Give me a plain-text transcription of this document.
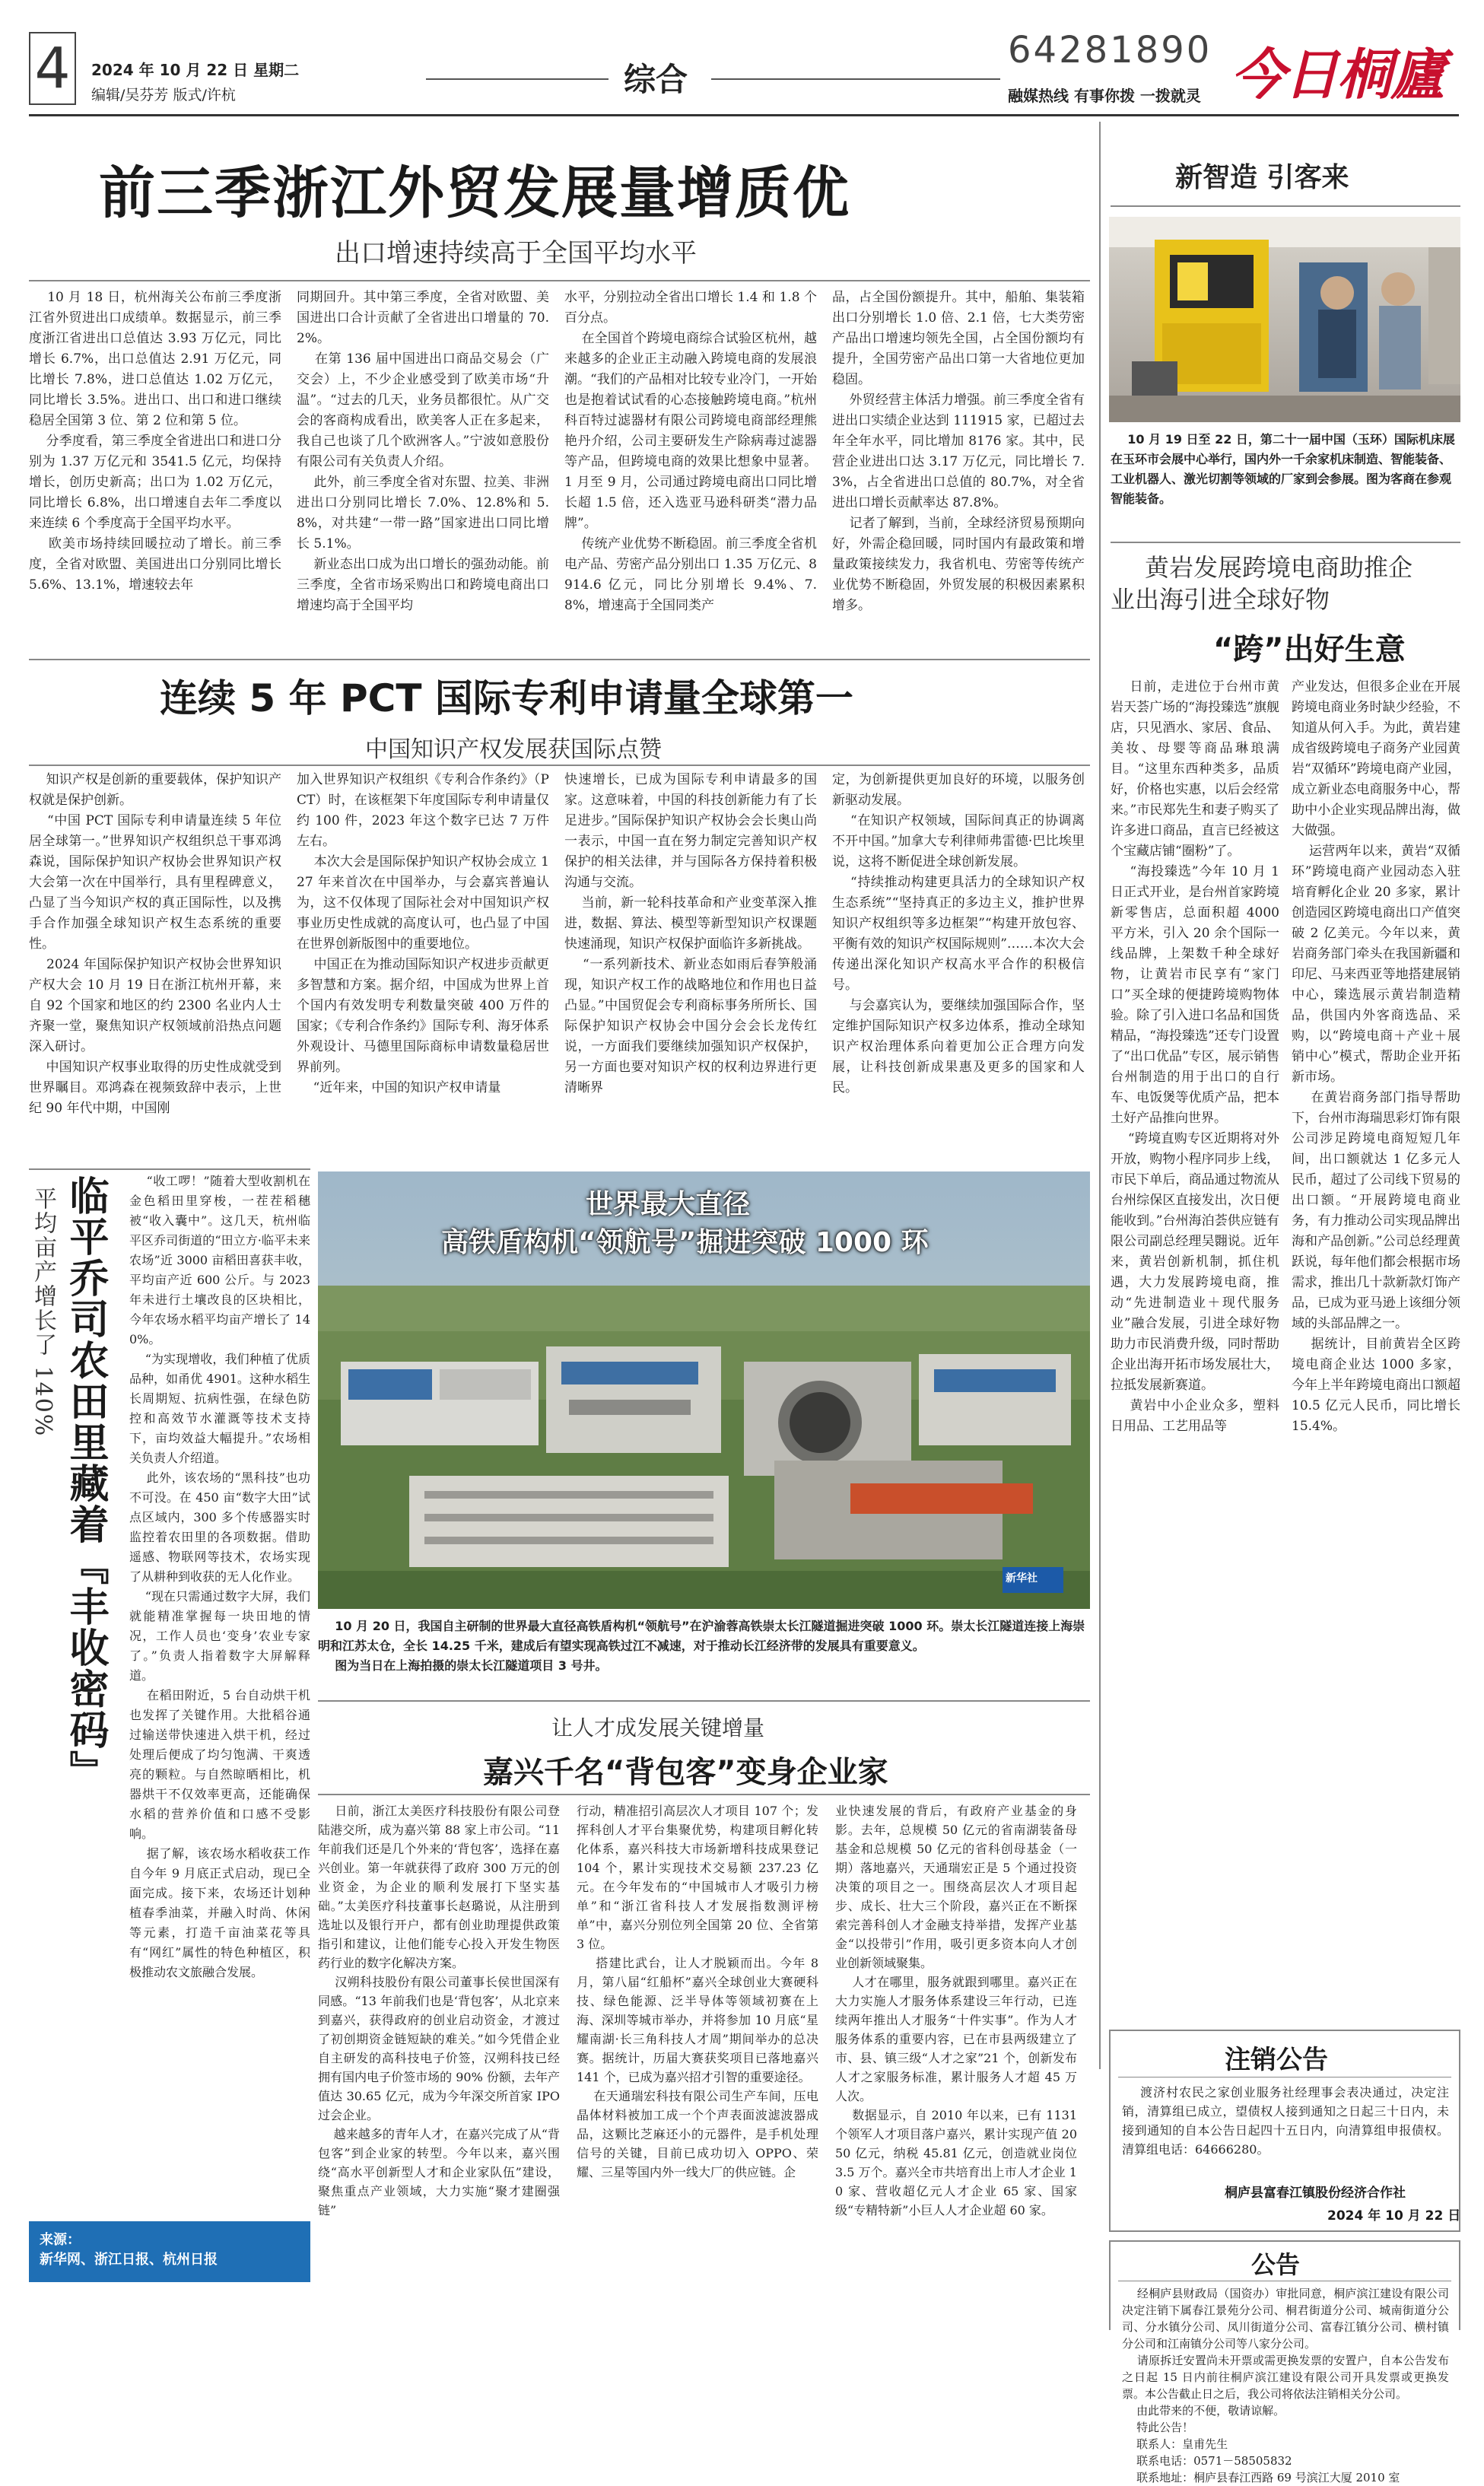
4	2024 年 10 月 22 日 星期二
编辑/吴芬芳 版式/许杭	综合
64281890
融媒热线 有事你拨 一拨就灵 今日桐廬
前三季浙江外贸发展量增质优
出口增速持续高于全国平均水平
10 月 18 日，杭州海关公布前三季度浙江省外贸进出口成绩单。数据显示，前三季度浙江省进出口总值达 3.93 万亿元，同比增长 6.7%，出口总值达 2.91 万亿元，同比增长 7.8%，进口总值达 1.02 万亿元，同比增长 3.5%。进出口、出口和进口继续稳居全国第 3 位、第 2 位和第 5 位。
分季度看，第三季度全省进出口和进口分别为 1.37 万亿元和 3541.5 亿元，均保持增长，创历史新高；出口为 1.02 万亿元，同比增长 6.8%，出口增速自去年二季度以来连续 6 个季度高于全国平均水平。
欧美市场持续回暖拉动了增长。前三季度，全省对欧盟、美国进出口分别同比增长 5.6%、13.1%，增速较去年
同期回升。其中第三季度，全省对欧盟、美国进出口合计贡献了全省进出口增量的 70.2%。
在第 136 届中国进出口商品交易会（广交会）上，不少企业感受到了欧美市场“升温”。“过去的几天，业务员都很忙。从广交会的客商构成看出，欧美客人正在多起来，我自己也谈了几个欧洲客人。”宁波如意股份有限公司有关负责人介绍。
此外，前三季度全省对东盟、拉美、非洲进出口分别同比增长 7.0%、12.8%和 5.8%，对共建“一带一路”国家进出口同比增长 5.1%。
新业态出口成为出口增长的强劲动能。前三季度，全省市场采购出口和跨境电商出口增速均高于全国平均
水平，分别拉动全省出口增长 1.4 和 1.8 个百分点。
在全国首个跨境电商综合试验区杭州，越来越多的企业正主动融入跨境电商的发展浪潮。“我们的产品相对比较专业冷门，一开始也是抱着试试看的心态接触跨境电商。”杭州科百特过滤器材有限公司跨境电商部经理熊艳丹介绍，公司主要研发生产除病毒过滤器等产品，但跨境电商的效果比想象中显著。1 月至 9 月，公司通过跨境电商出口同比增长超 1.5 倍，还入选亚马逊科研类“潜力品牌”。
传统产业优势不断稳固。前三季度全省机电产品、劳密产品分别出口 1.35 万亿元、8914.6 亿元，同比分别增长 9.4%、7.8%，增速高于全国同类产
品，占全国份额提升。其中，船舶、集装箱出口分别增长 1.0 倍、2.1 倍，七大类劳密产品出口增速均领先全国，占全国份额均有提升，全国劳密产品出口第一大省地位更加稳固。
外贸经营主体活力增强。前三季度全省有进出口实绩企业达到 111915 家，已超过去年全年水平，同比增加 8176 家。其中，民营企业进出口达 3.17 万亿元，同比增长 7.3%，占全省进出口总值的 80.7%，对全省进出口增长贡献率达 87.8%。
记者了解到，当前，全球经济贸易预期向好，外需企稳回暖，同时国内有最政策和增量政策接续发力，我省机电、劳密等传统产业优势不断稳固，外贸发展的积极因素累积增多。
新智造 引客来
10 月 19 日至 22 日，第二十一届中国（玉环）国际机床展在玉环市会展中心举行，国内外一千余家机床制造、智能装备、工业机器人、激光切割等领域的厂家到会参展。图为客商在参观智能装备。
黄岩发展跨境电商助推企
业出海引进全球好物
“跨”出好生意
日前，走进位于台州市黄岩天荟广场的“海投臻选”旗舰店，只见酒水、家居、食品、美妆、母婴等商品琳琅满目。“这里东西种类多，品质好，价格也实惠，以后会经常来。”市民郑先生和妻子购买了许多进口商品，直言已经被这个宝藏店铺“圈粉”了。
“海投臻选”今年 10 月 1 日正式开业，是台州首家跨境新零售店，总面积超 4000 平方米，引入 20 余个国际一线品牌，上架数千种全球好物，让黄岩市民享有“家门口”买全球的便捷跨境购物体验。除了引入进口名品和国货精品，“海投臻选”还专门设置了“出口优品”专区，展示销售台州制造的用于出口的自行车、电饭煲等优质产品，把本土好产品推向世界。
“跨境直购专区近期将对外开放，购物小程序同步上线，市民下单后，商品通过物流从台州综保区直接发出，次日便能收到。”台州海泊荟供应链有限公司副总经理吴翾说。近年来，黄岩创新机制，抓住机遇，大力发展跨境电商，推动“先进制造业＋现代服务业”融合发展，引进全球好物助力市民消费升级，同时帮助企业出海开拓市场发展壮大，拉抵发展新赛道。
黄岩中小企业众多，塑料日用品、工艺用品等
产业发达，但很多企业在开展跨境电商业务时缺少经验，不知道从何入手。为此，黄岩建成省级跨境电子商务产业园黄岩“双循环”跨境电商产业园，成立新业态电商服务中心，帮助中小企业实现品牌出海，做大做强。
运营两年以来，黄岩“双循环”跨境电商产业园动态入驻培育孵化企业 20 多家，累计创造园区跨境电商出口产值突破 2 亿美元。今年以来，黄岩商务部门牵头在我国新疆和印尼、马来西亚等地搭建展销中心，臻选展示黄岩制造精品，供国内外客商选品、采购，以“跨境电商＋产业＋展销中心”模式，帮助企业开拓新市场。
在黄岩商务部门指导帮助下，台州市海瑞思彩灯饰有限公司涉足跨境电商短短几年间，出口额就达 1 亿多元人民币，超过了公司线下贸易的出口额。“开展跨境电商业务，有力推动公司实现品牌出海和产品创新。”公司总经理黄跃说，每年他们都会根据市场需求，推出几十款新款灯饰产品，已成为亚马逊上该细分领域的头部品牌之一。
据统计，目前黄岩全区跨境电商企业达 1000 多家，今年上半年跨境电商出口额超 10.5 亿元人民币，同比增长 15.4%。
连续 5 年 PCT 国际专利申请量全球第一
中国知识产权发展获国际点赞
知识产权是创新的重要载体，保护知识产权就是保护创新。
“中国 PCT 国际专利申请量连续 5 年位居全球第一。”世界知识产权组织总干事邓鸿森说，国际保护知识产权协会世界知识产权大会第一次在中国举行，具有里程碑意义，凸显了当今知识产权的真正国际性，以及携手合作加强全球知识产权生态系统的重要性。
2024 年国际保护知识产权协会世界知识产权大会 10 月 19 日在浙江杭州开幕，来自 92 个国家和地区的约 2300 名业内人士齐聚一堂，聚焦知识产权领域前沿热点问题深入研讨。
中国知识产权事业取得的历史性成就受到世界瞩目。邓鸿森在视频致辞中表示，上世纪 90 年代中期，中国刚
加入世界知识产权组织《专利合作条约》（PCT）时，在该框架下年度国际专利申请量仅约 100 件，2023 年这个数字已达 7 万件左右。
本次大会是国际保护知识产权协会成立 127 年来首次在中国举办，与会嘉宾普遍认为，这不仅体现了国际社会对中国知识产权事业历史性成就的高度认可，也凸显了中国在世界创新版图中的重要地位。
中国正在为推动国际知识产权进步贡献更多智慧和方案。据介绍，中国成为世界上首个国内有效发明专利数量突破 400 万件的国家；《专利合作条约》国际专利、海牙体系外观设计、马德里国际商标申请数量稳居世界前列。
“近年来，中国的知识产权申请量
快速增长，已成为国际专利申请最多的国家。这意味着，中国的科技创新能力有了长足进步。”国际保护知识产权协会会长奥山尚一表示，中国一直在努力制定完善知识产权保护的相关法律，并与国际各方保持着积极沟通与交流。
当前，新一轮科技革命和产业变革深入推进，数据、算法、模型等新型知识产权课题快速涌现，知识产权保护面临许多新挑战。
“一系列新技术、新业态如雨后春笋般涌现，知识产权工作的战略地位和作用也日益凸显。”中国贸促会专利商标事务所所长、国际保护知识产权协会中国分会会长龙传红说，一方面我们要继续加强知识产权保护，另一方面也要对知识产权的权利边界进行更清晰界
定，为创新提供更加良好的环境，以服务创新驱动发展。
“在知识产权领域，国际间真正的协调离不开中国。”加拿大专利律师弗雷德·巴比埃里说，这将不断促进全球创新发展。
“持续推动构建更具活力的全球知识产权生态系统”“坚持真正的多边主义，推护世界知识产权组织等多边框架”“构建开放包容、平衡有效的知识产权国际规则”……本次大会传递出深化知识产权高水平合作的积极信号。
与会嘉宾认为，要继续加强国际合作，坚定维护国际知识产权多边体系，推动全球知识产权治理体系向着更加公正合理方向发展，让科技创新成果惠及更多的国家和人民。
平均亩产增长了 140% 临平乔司农田里藏着『丰收密码』	“收工啰！”随着大型收割机在金色稻田里穿梭，一茬茬稻穗被“收入囊中”。这几天，杭州临平区乔司街道的“田立方·临平未来农场”近 3000 亩稻田喜获丰收，平均亩产近 600 公斤。与 2023 年未进行土壤改良的区块相比，今年农场水稻平均亩产增长了 140%。
“为实现增收，我们种植了优质品种，如甬优 4901。这种水稻生长周期短、抗病性强，在绿色防控和高效节水灌溉等技术支持下，亩均效益大幅提升。”农场相关负责人介绍道。
此外，该农场的“黑科技”也功不可没。在 450 亩“数字大田”试点区域内，300 多个传感器实时监控着农田里的各项数据。借助遥感、物联网等技术，农场实现了从耕种到收获的无人化作业。
“现在只需通过数字大屏，我们就能精准掌握每一块田地的情况，工作人员也‘变身’农业专家了。”负责人指着数字大屏解释道。
在稻田附近，5 台自动烘干机也发挥了关键作用。大批稻谷通过输送带快速进入烘干机，经过处理后便成了均匀饱满、干爽透亮的颗粒。与自然晾晒相比，机器烘干不仅效率更高，还能确保水稻的营养价值和口感不受影响。
据了解，该农场水稻收获工作自今年 9 月底正式启动，现已全面完成。接下来，农场还计划种植春季油菜，并融入时尚、休闲等元素，打造千亩油菜花等具有“网红”属性的特色种植区，积极推动农文旅融合发展。
来源：
新华网、浙江日报、杭州日报
世界最大直径
高铁盾构机“领航号”掘进突破 1000 环
新华社
10 月 20 日，我国自主研制的世界最大直径高铁盾构机“领航号”在沪渝蓉高铁崇太长江隧道掘进突破 1000 环。崇太长江隧道连接上海崇明和江苏太仓，全长 14.25 千米，建成后有望实现高铁过江不减速，对于推动长江经济带的发展具有重要意义。
图为当日在上海拍摄的崇太长江隧道项目 3 号井。
让人才成发展关键增量
嘉兴千名“背包客”变身企业家
日前，浙江太美医疗科技股份有限公司登陆港交所，成为嘉兴第 88 家上市公司。“11 年前我们还是几个外来的‘背包客’，选择在嘉兴创业。第一年就获得了政府 300 万元的创业资金，为企业的顺利发展打下坚实基础。”太美医疗科技董事长赵璐说，从注册到选址以及银行开户，都有创业助理提供政策指引和建议，让他们能专心投入开发生物医药行业的数字化解决方案。
汉朔科技股份有限公司董事长侯世国深有同感。“13 年前我们也是‘背包客’，从北京来到嘉兴，获得政府的创业启动资金，才渡过了初创期资金链短缺的难关。”如今凭借企业自主研发的高科技电子价签，汉朔科技已经拥有国内电子价签市场的 90% 份额，去年产值达 30.65 亿元，成为今年深交所首家 IPO 过会企业。
越来越多的青年人才，在嘉兴完成了从“背包客”到企业家的转型。今年以来，嘉兴围绕“高水平创新型人才和企业家队伍”建设，聚焦重点产业领域，大力实施“聚才建圈强链”
行动，精准招引高层次人才项目 107 个；发挥科创人才平台集聚优势，构建项目孵化转化体系，嘉兴科技大市场新增科技成果登记 104 个，累计实现技术交易额 237.23 亿元。在今年发布的“中国城市人才吸引力榜单”和“浙江省科技人才发展指数测评榜单”中，嘉兴分别位列全国第 20 位、全省第 3 位。
搭建比武台，让人才脱颖而出。今年 8 月，第八届“红船杯”嘉兴全球创业大赛硬科技、绿色能源、泛半导体等领域初赛在上海、深圳等城市举办，并将参加 10 月底“星耀南湖·长三角科技人才周”期间举办的总决赛。据统计，历届大赛获奖项目已落地嘉兴 141 个，已成为嘉兴招才引智的重要途径。
在天通瑞宏科技有限公司生产车间，压电晶体材料被加工成一个个声表面波滤波器成品，这颗比芝麻还小的元器件，是手机处理信号的关键，目前已成功切入 OPPO、荣耀、三星等国内外一线大厂的供应链。企
业快速发展的背后，有政府产业基金的身影。去年，总规模 50 亿元的省南湖装备母基金和总规模 50 亿元的省科创母基金（一期）落地嘉兴，天通瑞宏正是 5 个通过投资决策的项目之一。围绕高层次人才项目起步、成长、壮大三个阶段，嘉兴正在不断探索完善科创人才金融支持举措，发挥产业基金“以投带引”作用，吸引更多资本向人才创业创新领域聚集。
人才在哪里，服务就跟到哪里。嘉兴正在大力实施人才服务体系建设三年行动，已连续两年推出人才服务“十件实事”。作为人才服务体系的重要内容，已在市县两级建立了市、县、镇三级“人才之家”21 个，创新发布人才之家服务标准，累计服务人才超 45 万人次。
数据显示，自 2010 年以来，已有 1131 个领军人才项目落户嘉兴，累计实现产值 2050 亿元，纳税 45.81 亿元，创造就业岗位 3.5 万个。嘉兴全市共培育出上市人才企业 10 家、营收超亿元人才企业 65 家、国家级“专精特新”小巨人人才企业超 60 家。
注销公告
渡济村农民之家创业服务社经理事会表决通过，决定注销，清算组已成立，望债权人接到通知之日起三十日内，未接到通知的自本公告日起四十五日内，向清算组申报债权。清算组电话：64666280。
桐庐县富春江镇股份经济合作社
2024 年 10 月 22 日
公告
经桐庐县财政局（国资办）审批同意，桐庐滨江建设有限公司决定注销下属春江景苑分公司、桐君街道分公司、城南街道分公司、分水镇分公司、凤川街道分公司、富春江镇分公司、横村镇分公司和江南镇分公司等八家分公司。
请原拆迁安置尚未开票或需更换发票的安置户，自本公告发布之日起 15 日内前往桐庐滨江建设有限公司开具发票或更换发票。本公告截止日之后，我公司将依法注销相关分公司。
由此带来的不便，敬请谅解。
特此公告！
联系人：皇甫先生
联系电话：0571－58505832
联系地址：桐庐县春江西路 69 号滨江大厦 2010 室
